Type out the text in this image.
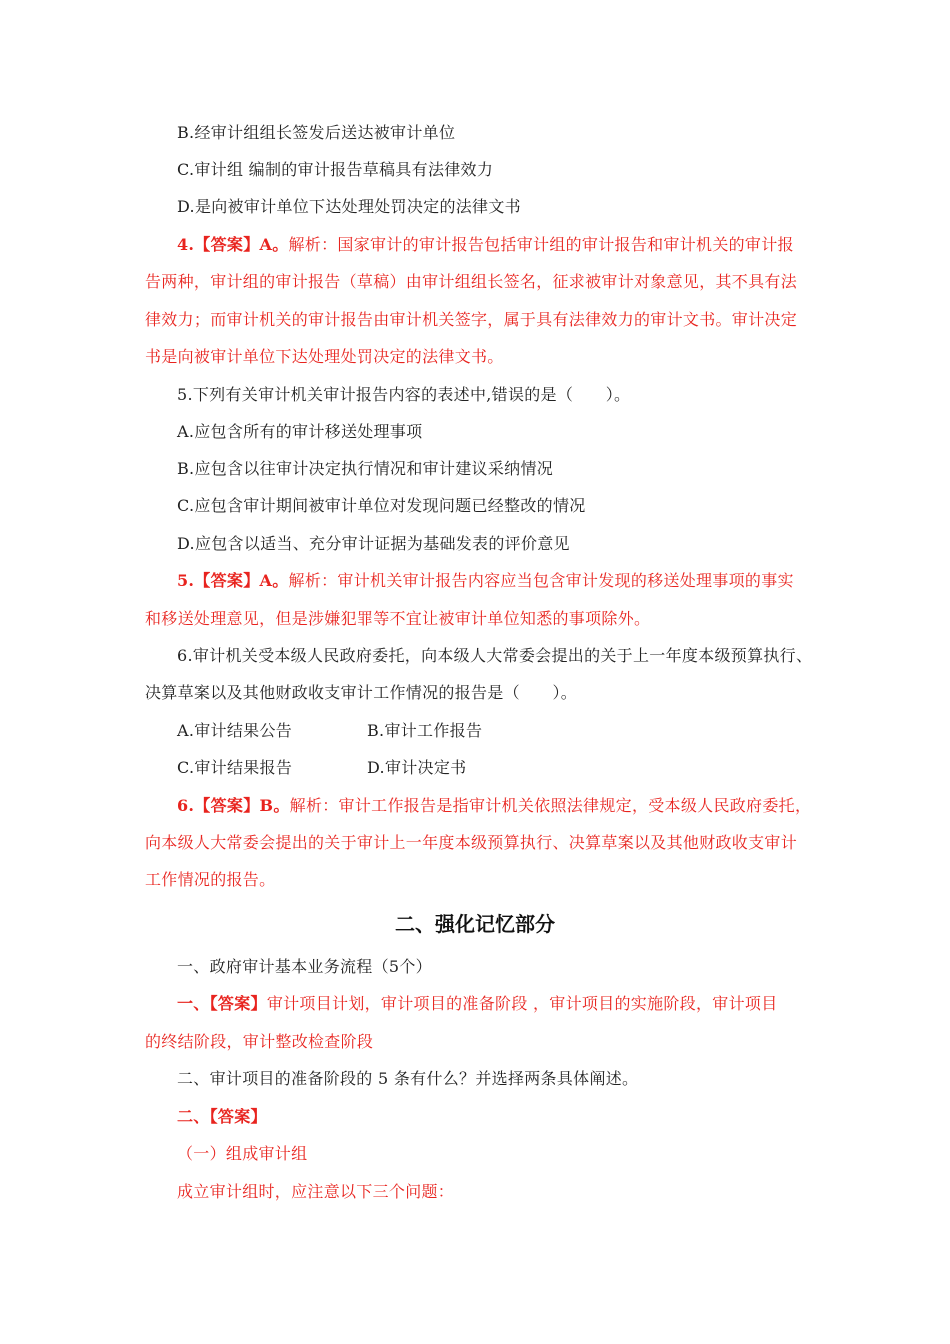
B.经审计组组长签发后送达被审计单位
C.审计组 编制的审计报告草稿具有法律效力
D.是向被审计单位下达处理处罚决定的法律文书
4.【答案】A。解析：国家审计的审计报告包括审计组的审计报告和审计机关的审计报
告两种，审计组的审计报告（草稿）由审计组组长签名，征求被审计对象意见，其不具有法
律效力；而审计机关的审计报告由审计机关签字，属于具有法律效力的审计文书。审计决定
书是向被审计单位下达处理处罚决定的法律文书。
5.下列有关审计机关审计报告内容的表述中,错误的是（　　）。
A.应包含所有的审计移送处理事项
B.应包含以往审计决定执行情况和审计建议采纳情况
C.应包含审计期间被审计单位对发现问题已经整改的情况
D.应包含以适当、充分审计证据为基础发表的评价意见
5.【答案】A。解析：审计机关审计报告内容应当包含审计发现的移送处理事项的事实
和移送处理意见，但是涉嫌犯罪等不宜让被审计单位知悉的事项除外。
6.审计机关受本级人民政府委托，向本级人大常委会提出的关于上一年度本级预算执行、
决算草案以及其他财政收支审计工作情况的报告是（　　）。
A.审计结果公告	B.审计工作报告
C.审计结果报告	D.审计决定书
6.【答案】B。解析：审计工作报告是指审计机关依照法律规定，受本级人民政府委托，
向本级人大常委会提出的关于审计上一年度本级预算执行、决算草案以及其他财政收支审计
工作情况的报告。
二、强化记忆部分
一、政府审计基本业务流程（5个）
一、【答案】审计项目计划，审计项目的准备阶段 ，审计项目的实施阶段，审计项目
的终结阶段，审计整改检查阶段
二、审计项目的准备阶段的 5 条有什么？并选择两条具体阐述。
二、【答案】
（一）组成审计组
成立审计组时，应注意以下三个问题：
